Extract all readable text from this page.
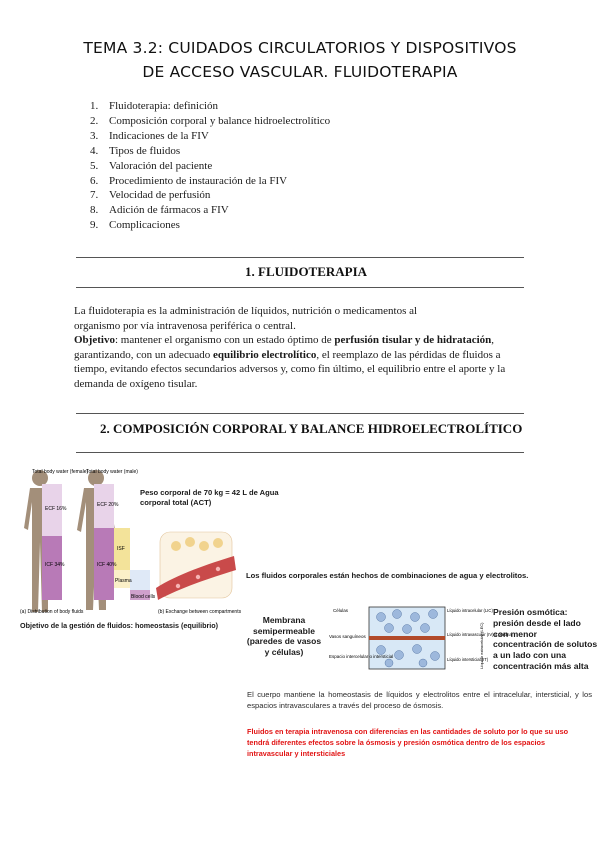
TEMA 3.2: CUIDADOS CIRCULATORIOS Y DISPOSITIVOS
DE ACCESO VASCULAR. FLUIDOTERAPIA
1. Fluidoterapia: definición
2. Composición corporal y balance hidroelectrolítico
3. Indicaciones de la FIV
4. Tipos de fluidos
5. Valoración del paciente
6. Procedimiento de instauración de la FIV
7. Velocidad de perfusión
8. Adición de fármacos a FIV
9. Complicaciones
1. FLUIDOTERAPIA
La fluidoterapia es la administración de líquidos, nutrición o medicamentos al
organismo por vía intravenosa periférica o central.
Objetivo: mantener el organismo con un estado óptimo de perfusión tisular y de hidratación, garantizando, con un adecuado equilibrio electrolítico, el reemplazo de las pérdidas de fluidos a tiempo, evitando efectos secundarios adversos y, como fin último, el equilibrio entre el aporte y la demanda de oxígeno tisular.
2. COMPOSICIÓN CORPORAL Y BALANCE HIDROELECTROLÍTICO
Total body water (female)
Total body water (male)
ECF 16%
ICF 34%
ECF 20%
ICF 40%
ISF
Plasma
Blood cells
(a) Distribution of body fluids	(b) Exchange between compartments
Peso corporal de 70 kg = 42 L de Agua corporal total (ACT)
Objetivo de la gestión de fluidos: homeostasis (equilibrio)
Los fluidos corporales están hechos de combinaciones de agua y electrolitos.
Membrana semipermeable (paredes de vasos y células)
Células
Vasos sanguíneos
Espacio intercelular o intersticial
Líquido intracelular (LIC)
Líquido intravascular (IV) o plasma
Líquido intersticial (IT)
Líquido extracelular (LEC)
Presión osmótica: presión desde el lado con menor concentración de solutos a un lado con una concentración más alta
El cuerpo mantiene la homeostasis de líquidos y electrolitos entre el intracelular, intersticial, y los espacios intravasculares a través del proceso de ósmosis.
Fluidos en terapia intravenosa con diferencias en las cantidades de soluto por lo que su uso tendrá diferentes efectos sobre la ósmosis y presión osmótica dentro de los espacios intravascular y intersticiales
